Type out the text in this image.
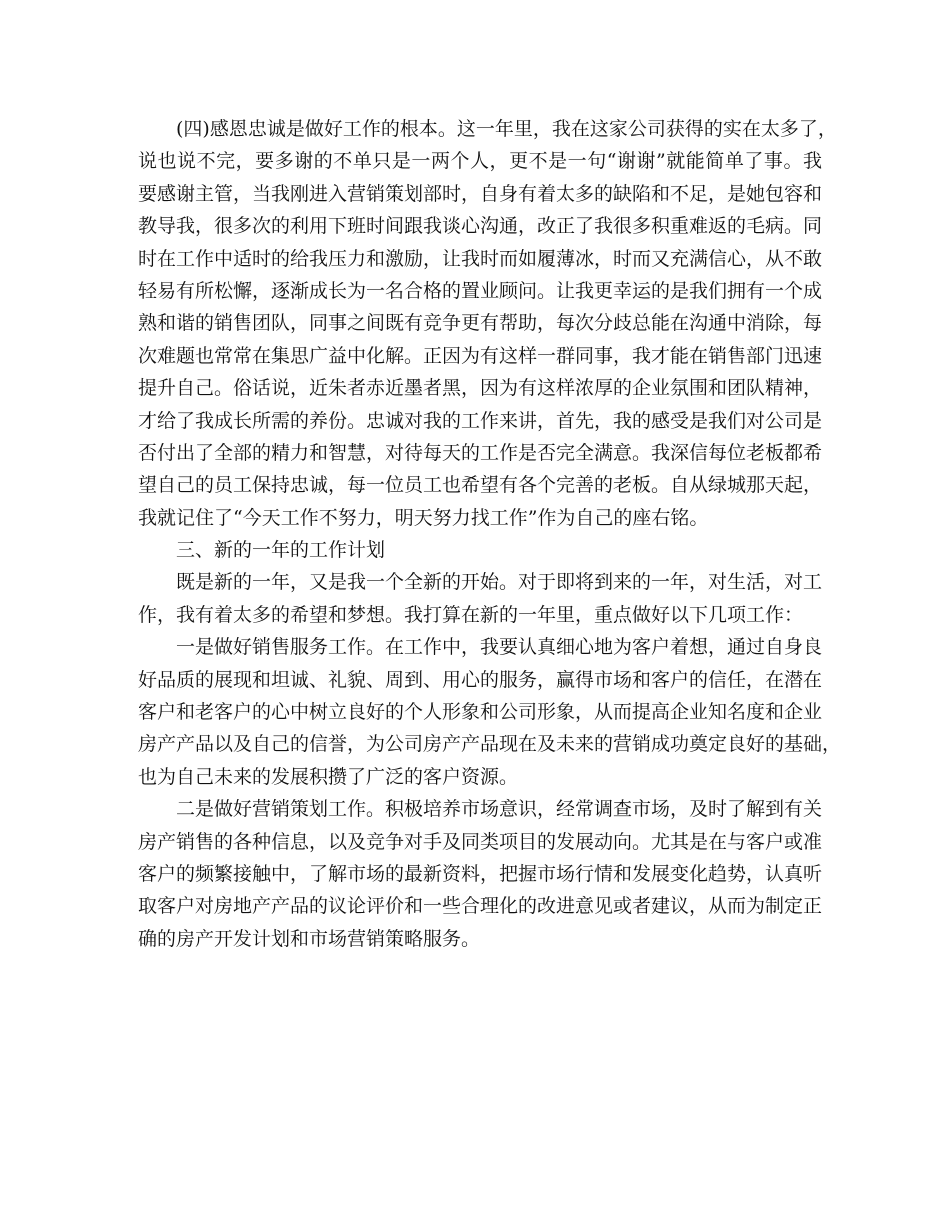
(四)感恩忠诚是做好工作的根本。这一年里，我在这家公司获得的实在太多了，
说也说不完，要多谢的不单只是一两个人，更不是一句“谢谢”就能简单了事。我
要感谢主管，当我刚进入营销策划部时，自身有着太多的缺陷和不足，是她包容和
教导我，很多次的利用下班时间跟我谈心沟通，改正了我很多积重难返的毛病。同
时在工作中适时的给我压力和激励，让我时而如履薄冰，时而又充满信心，从不敢
轻易有所松懈，逐渐成长为一名合格的置业顾问。让我更幸运的是我们拥有一个成
熟和谐的销售团队，同事之间既有竞争更有帮助，每次分歧总能在沟通中消除，每
次难题也常常在集思广益中化解。正因为有这样一群同事，我才能在销售部门迅速
提升自己。俗话说，近朱者赤近墨者黑，因为有这样浓厚的企业氛围和团队精神，
才给了我成长所需的养份。忠诚对我的工作来讲，首先，我的感受是我们对公司是
否付出了全部的精力和智慧，对待每天的工作是否完全满意。我深信每位老板都希
望自己的员工保持忠诚，每一位员工也希望有各个完善的老板。自从绿城那天起，
我就记住了“今天工作不努力，明天努力找工作”作为自己的座右铭。
三、新的一年的工作计划
既是新的一年，又是我一个全新的开始。对于即将到来的一年，对生活，对工
作，我有着太多的希望和梦想。我打算在新的一年里，重点做好以下几项工作：
一是做好销售服务工作。在工作中，我要认真细心地为客户着想，通过自身良
好品质的展现和坦诚、礼貌、周到、用心的服务，赢得市场和客户的信任，在潜在
客户和老客户的心中树立良好的个人形象和公司形象，从而提高企业知名度和企业
房产产品以及自己的信誉，为公司房产产品现在及未来的营销成功奠定良好的基础，
也为自己未来的发展积攒了广泛的客户资源。
二是做好营销策划工作。积极培养市场意识，经常调查市场，及时了解到有关
房产销售的各种信息，以及竞争对手及同类项目的发展动向。尤其是在与客户或准
客户的频繁接触中，了解市场的最新资料，把握市场行情和发展变化趋势，认真听
取客户对房地产产品的议论评价和一些合理化的改进意见或者建议，从而为制定正
确的房产开发计划和市场营销策略服务。
